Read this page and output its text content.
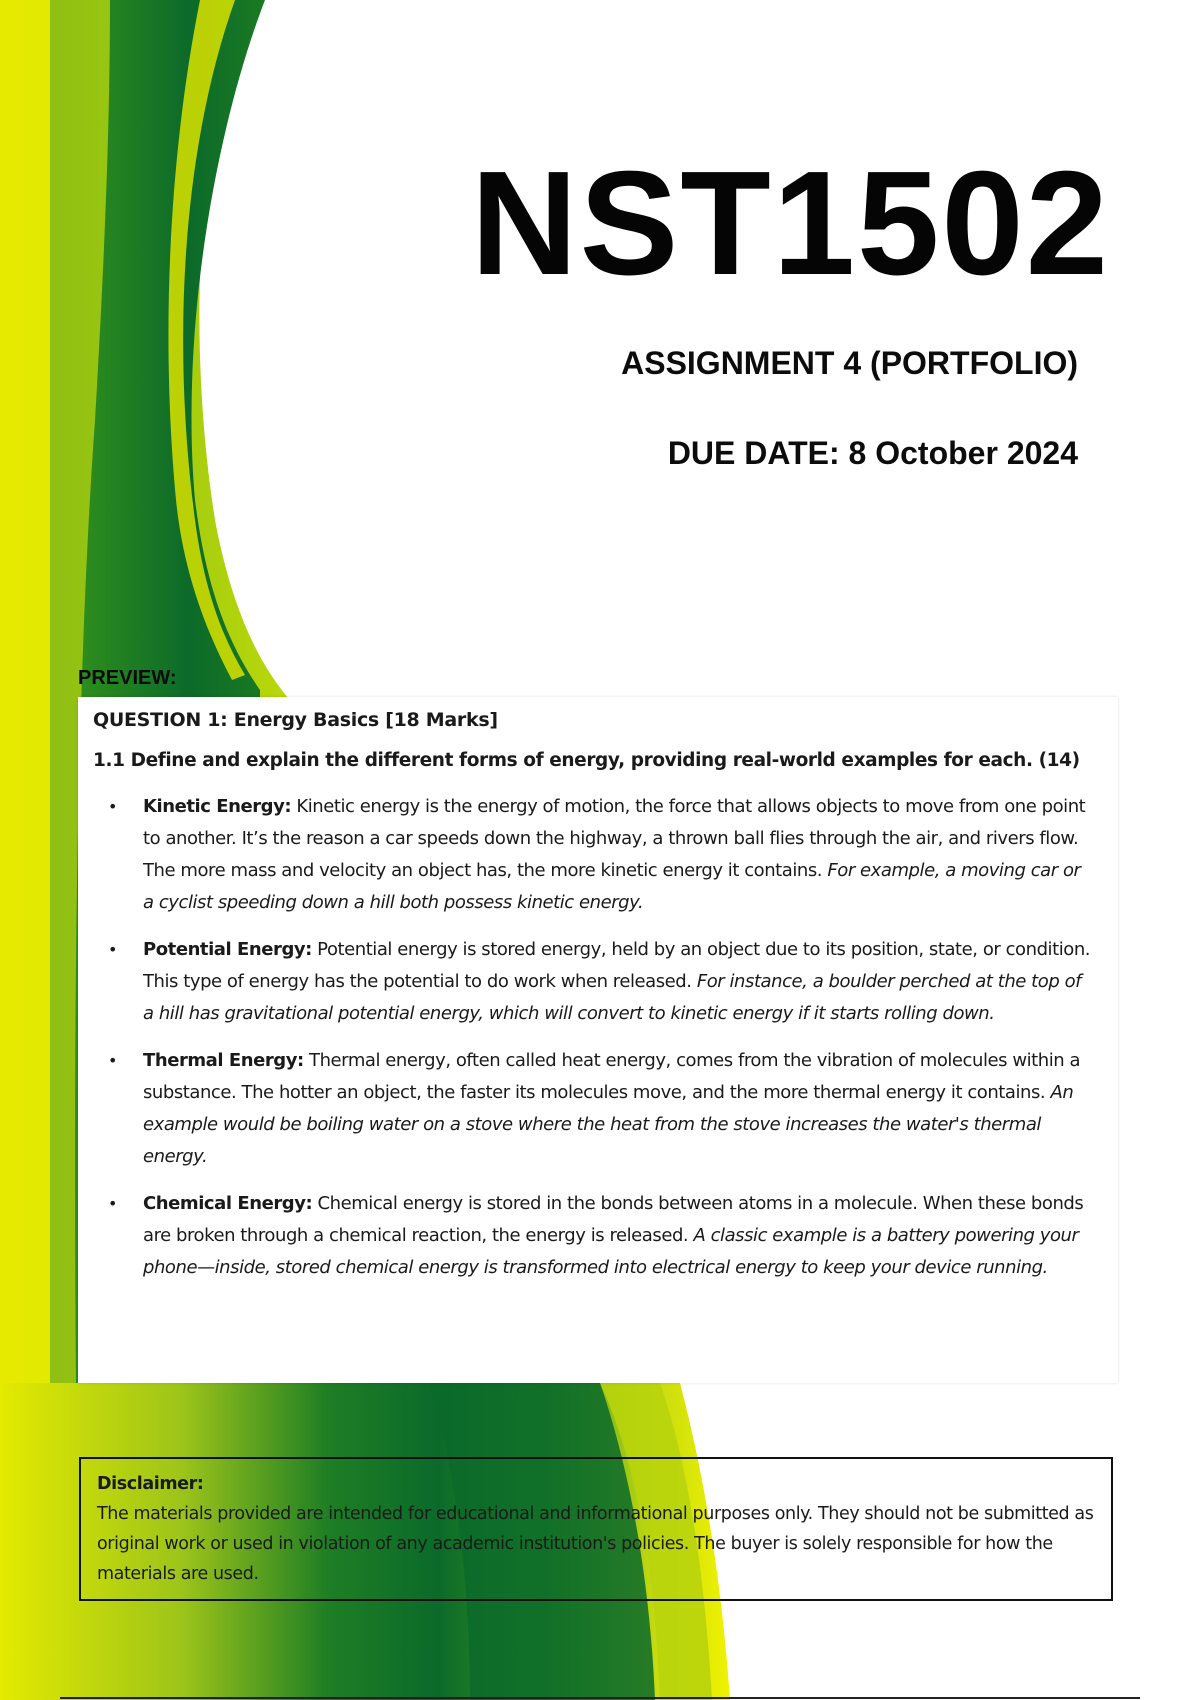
NST1502
ASSIGNMENT 4 (PORTFOLIO)
DUE DATE: 8 October 2024
PREVIEW:
QUESTION 1: Energy Basics [18 Marks]
1.1 Define and explain the different forms of energy, providing real-world examples for each. (14)
• Kinetic Energy: Kinetic energy is the energy of motion, the force that allows objects to move from one point to another. It’s the reason a car speeds down the highway, a thrown ball flies through the air, and rivers flow. The more mass and velocity an object has, the more kinetic energy it contains. For example, a moving car or a cyclist speeding down a hill both possess kinetic energy.
• Potential Energy: Potential energy is stored energy, held by an object due to its position, state, or condition. This type of energy has the potential to do work when released. For instance, a boulder perched at the top of a hill has gravitational potential energy, which will convert to kinetic energy if it starts rolling down.
• Thermal Energy: Thermal energy, often called heat energy, comes from the vibration of molecules within a substance. The hotter an object, the faster its molecules move, and the more thermal energy it contains. An example would be boiling water on a stove where the heat from the stove increases the water's thermal energy.
• Chemical Energy: Chemical energy is stored in the bonds between atoms in a molecule. When these bonds are broken through a chemical reaction, the energy is released. A classic example is a battery powering your phone—inside, stored chemical energy is transformed into electrical energy to keep your device running.
Disclaimer:
The materials provided are intended for educational and informational purposes only. They should not be submitted as original work or used in violation of any academic institution's policies. The buyer is solely responsible for how the materials are used.
